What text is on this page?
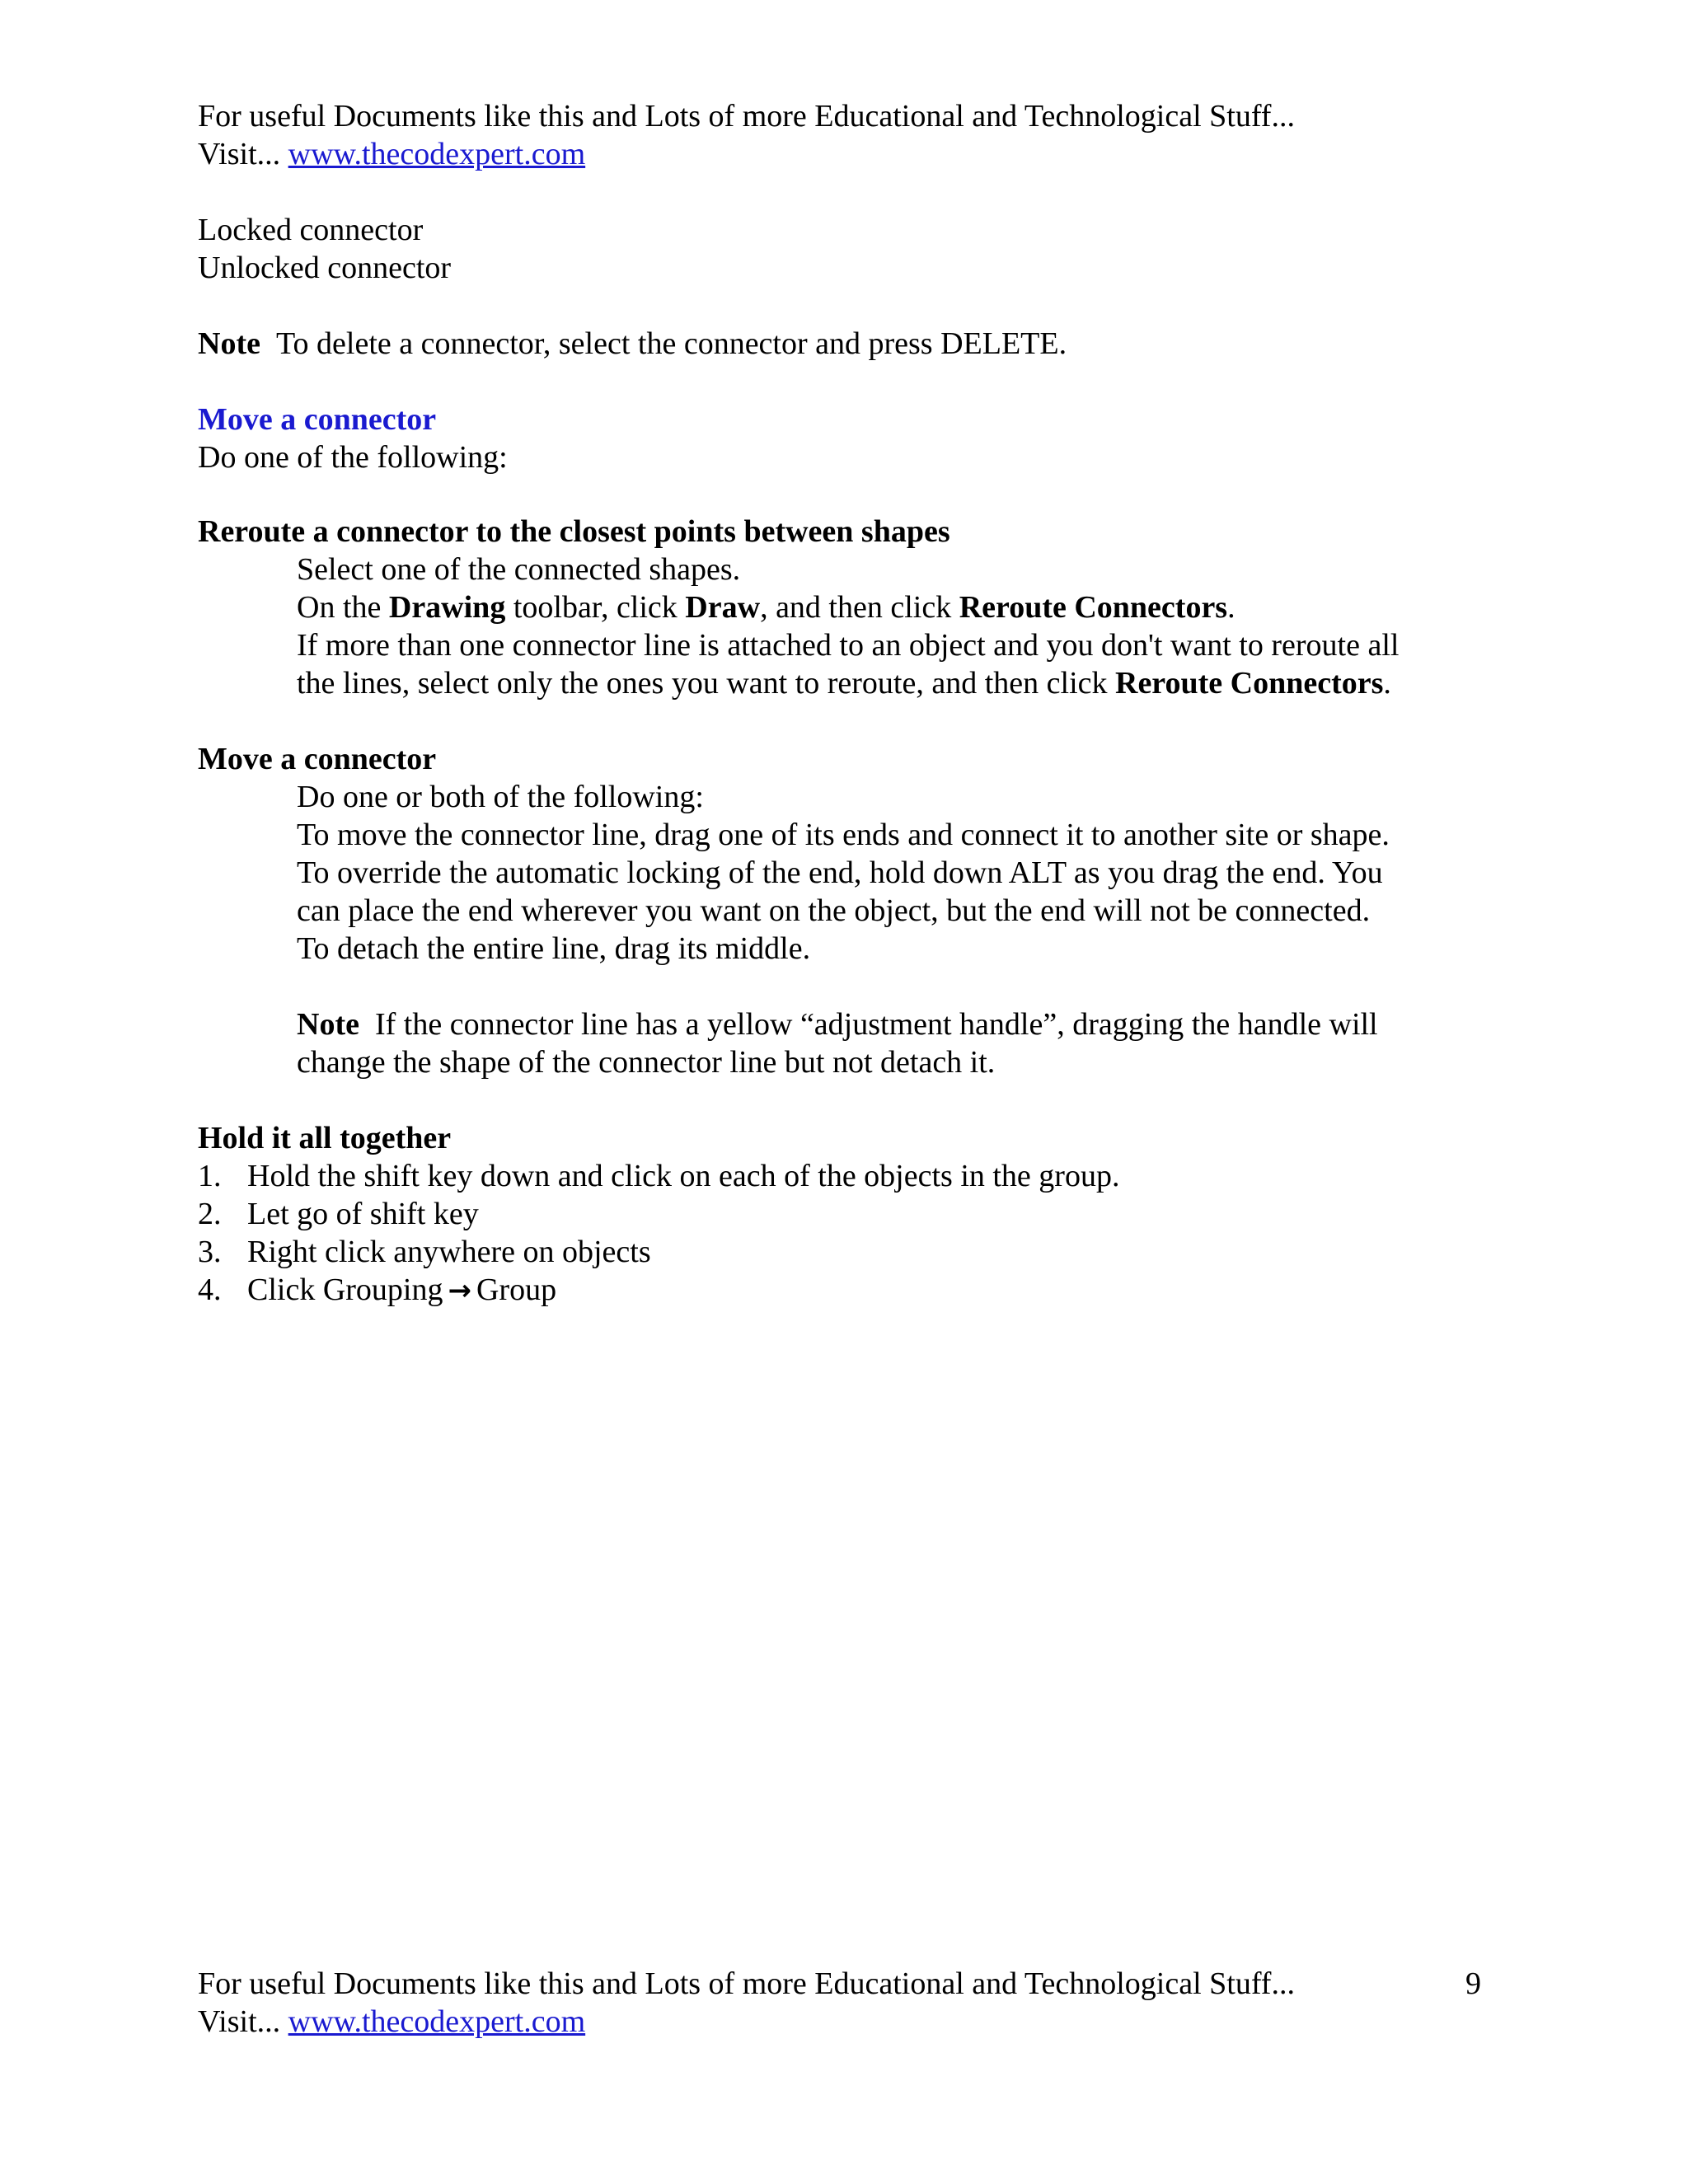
For useful Documents like this and Lots of more Educational and Technological Stuff...
Visit... www.thecodexpert.com
Locked connector
Unlocked connector
Note To delete a connector, select the connector and press DELETE.
Move a connector
Do one of the following:
Reroute a connector to the closest points between shapes
Select one of the connected shapes.
On the Drawing toolbar, click Draw, and then click Reroute Connectors.
If more than one connector line is attached to an object and you don't want to reroute all
the lines, select only the ones you want to reroute, and then click Reroute Connectors.
Move a connector
Do one or both of the following:
To move the connector line, drag one of its ends and connect it to another site or shape.
To override the automatic locking of the end, hold down ALT as you drag the end. You
can place the end wherever you want on the object, but the end will not be connected.
To detach the entire line, drag its middle.
Note If the connector line has a yellow “adjustment handle”, dragging the handle will
change the shape of the connector line but not detach it.
Hold it all together
1. Hold the shift key down and click on each of the objects in the group.
2. Let go of shift key
3. Right click anywhere on objects
4. Click Grouping → Group
For useful Documents like this and Lots of more Educational and Technological Stuff...
Visit... www.thecodexpert.com
9
